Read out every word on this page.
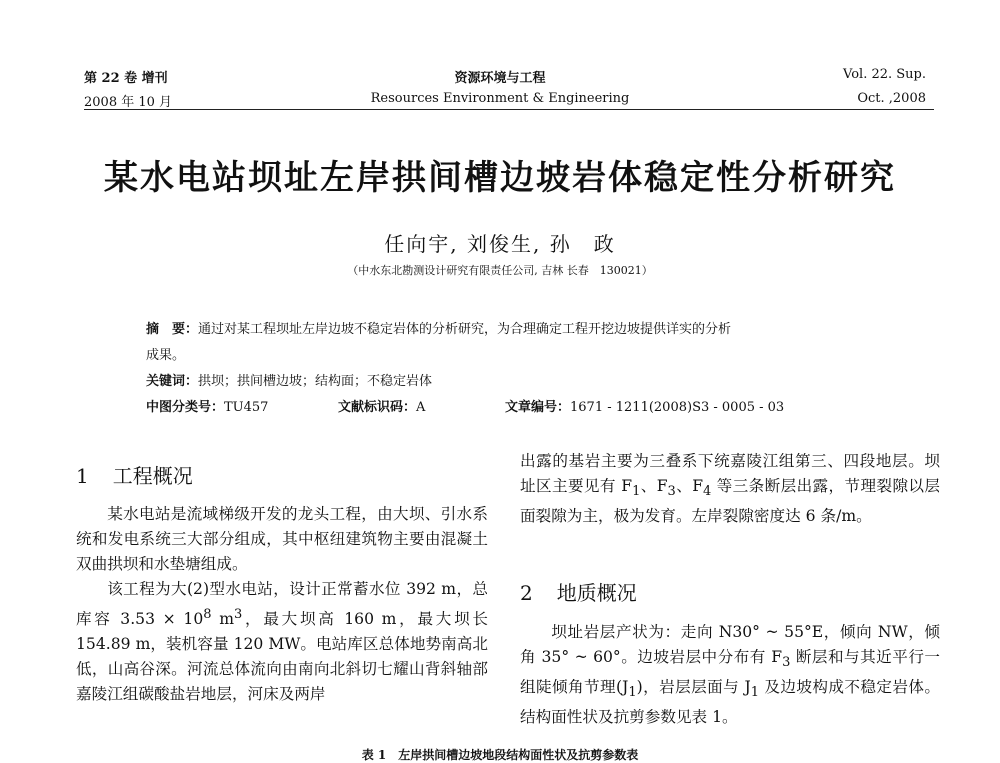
第 22 卷 增刊
2008 年 10 月
资源环境与工程
Resources Environment & Engineering
Vol. 22. Sup.
Oct. ,2008
某水电站坝址左岸拱间槽边坡岩体稳定性分析研究
任向宇, 刘俊生, 孙　政
（中水东北勘测设计研究有限责任公司, 吉林 长春　130021）
摘　要：通过对某工程坝址左岸边坡不稳定岩体的分析研究，为合理确定工程开挖边坡提供详实的分析
成果。
关键词：拱坝；拱间槽边坡；结构面；不稳定岩体
中图分类号：TU457	文献标识码：A	文章编号：1671 - 1211(2008)S3 - 0005 - 03
1 工程概况

某水电站是流域梯级开发的龙头工程，由大坝、引水系统和发电系统三大部分组成，其中枢纽建筑物主要由混凝土双曲拱坝和水垫塘组成。

该工程为大(2)型水电站，设计正常蓄水位 392 m，总库容 $3.53 \times 10^8$ $m^3$，最大坝高 160 m，最大坝长 154.89 m，装机容量 120 MW。电站库区总体地势南高北低，山高谷深。河流总体流向由南向北斜切七耀山背斜轴部嘉陵江组碳酸盐岩地层，河床及两岸

出露的基岩主要为三叠系下统嘉陵江组第三、四段地层。坝址区主要见有 $F_1$、$F_3$、$F_4$ 等三条断层出露，节理裂隙以层面裂隙为主，极为发育。左岸裂隙密度达 6 条/m。

2 地质概况

坝址岩层产状为：走向 N30° ~ 55°E，倾向 NW，倾角 35° ~ 60°。边坡岩层中分布有 $F_3$ 断层和与其近平行一组陡倾角节理$(J_1)$，岩层层面与 $J_1$ 及边坡构成不稳定岩体。结构面性状及抗剪参数见表 1。

表 1　左岸拱间槽边坡地段结构面性状及抗剪参数表
